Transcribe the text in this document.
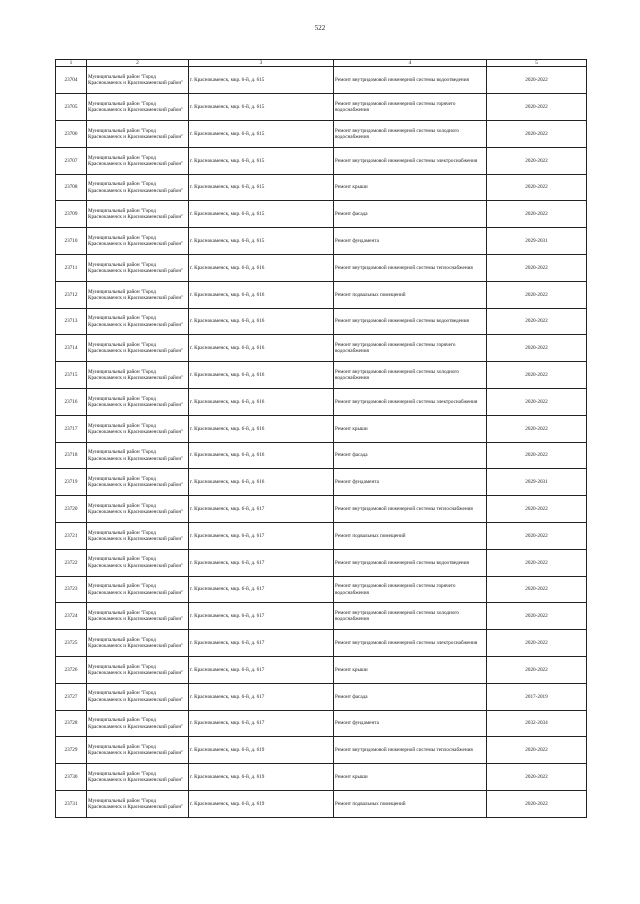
522
1	2	3	4	5
23704	Муниципальный район "Город Краснокаменск и Краснокаменский район"	г. Краснокаменск, мкр. 6-й, д. 615	Ремонт внутридомовой инженерной системы водоотведения	2020-2022
23705	Муниципальный район "Город Краснокаменск и Краснокаменский район"	г. Краснокаменск, мкр. 6-й, д. 615	Ремонт внутридомовой инженерной системы горячего водоснабжения	2020-2022
23706	Муниципальный район "Город Краснокаменск и Краснокаменский район"	г. Краснокаменск, мкр. 6-й, д. 615	Ремонт внутридомовой инженерной системы холодного водоснабжения	2020-2022
23707	Муниципальный район "Город Краснокаменск и Краснокаменский район"	г. Краснокаменск, мкр. 6-й, д. 615	Ремонт внутридомовой инженерной системы электроснабжения	2020-2022
23708	Муниципальный район "Город Краснокаменск и Краснокаменский район"	г. Краснокаменск, мкр. 6-й, д. 615	Ремонт крыши	2020-2022
23709	Муниципальный район "Город Краснокаменск и Краснокаменский район"	г. Краснокаменск, мкр. 6-й, д. 615	Ремонт фасада	2020-2022
23710	Муниципальный район "Город Краснокаменск и Краснокаменский район"	г. Краснокаменск, мкр. 6-й, д. 615	Ремонт фундамента	2029-2031
23711	Муниципальный район "Город Краснокаменск и Краснокаменский район"	г. Краснокаменск, мкр. 6-й, д. 616	Ремонт внутридомовой инженерной системы теплоснабжения	2020-2022
23712	Муниципальный район "Город Краснокаменск и Краснокаменский район"	г. Краснокаменск, мкр. 6-й, д. 616	Ремонт подвальных помещений	2020-2022
23713	Муниципальный район "Город Краснокаменск и Краснокаменский район"	г. Краснокаменск, мкр. 6-й, д. 616	Ремонт внутридомовой инженерной системы водоотведения	2020-2022
23714	Муниципальный район "Город Краснокаменск и Краснокаменский район"	г. Краснокаменск, мкр. 6-й, д. 616	Ремонт внутридомовой инженерной системы горячего водоснабжения	2020-2022
23715	Муниципальный район "Город Краснокаменск и Краснокаменский район"	г. Краснокаменск, мкр. 6-й, д. 616	Ремонт внутридомовой инженерной системы холодного водоснабжения	2020-2022
23716	Муниципальный район "Город Краснокаменск и Краснокаменский район"	г. Краснокаменск, мкр. 6-й, д. 616	Ремонт внутридомовой инженерной системы электроснабжения	2020-2022
23717	Муниципальный район "Город Краснокаменск и Краснокаменский район"	г. Краснокаменск, мкр. 6-й, д. 616	Ремонт крыши	2020-2022
23718	Муниципальный район "Город Краснокаменск и Краснокаменский район"	г. Краснокаменск, мкр. 6-й, д. 616	Ремонт фасада	2020-2022
23719	Муниципальный район "Город Краснокаменск и Краснокаменский район"	г. Краснокаменск, мкр. 6-й, д. 616	Ремонт фундамента	2029-2031
23720	Муниципальный район "Город Краснокаменск и Краснокаменский район"	г. Краснокаменск, мкр. 6-й, д. 617	Ремонт внутридомовой инженерной системы теплоснабжения	2020-2022
23721	Муниципальный район "Город Краснокаменск и Краснокаменский район"	г. Краснокаменск, мкр. 6-й, д. 617	Ремонт подвальных помещений	2020-2022
23722	Муниципальный район "Город Краснокаменск и Краснокаменский район"	г. Краснокаменск, мкр. 6-й, д. 617	Ремонт внутридомовой инженерной системы водоотведения	2020-2022
23723	Муниципальный район "Город Краснокаменск и Краснокаменский район"	г. Краснокаменск, мкр. 6-й, д. 617	Ремонт внутридомовой инженерной системы горячего водоснабжения	2020-2022
23724	Муниципальный район "Город Краснокаменск и Краснокаменский район"	г. Краснокаменск, мкр. 6-й, д. 617	Ремонт внутридомовой инженерной системы холодного водоснабжения	2020-2022
23725	Муниципальный район "Город Краснокаменск и Краснокаменский район"	г. Краснокаменск, мкр. 6-й, д. 617	Ремонт внутридомовой инженерной системы электроснабжения	2020-2022
23726	Муниципальный район "Город Краснокаменск и Краснокаменский район"	г. Краснокаменск, мкр. 6-й, д. 617	Ремонт крыши	2020-2022
23727	Муниципальный район "Город Краснокаменск и Краснокаменский район"	г. Краснокаменск, мкр. 6-й, д. 617	Ремонт фасада	2017-2019
23728	Муниципальный район "Город Краснокаменск и Краснокаменский район"	г. Краснокаменск, мкр. 6-й, д. 617	Ремонт фундамента	2032-2034
23729	Муниципальный район "Город Краснокаменск и Краснокаменский район"	г. Краснокаменск, мкр. 6-й, д. 619	Ремонт внутридомовой инженерной системы теплоснабжения	2020-2022
23730	Муниципальный район "Город Краснокаменск и Краснокаменский район"	г. Краснокаменск, мкр. 6-й, д. 619	Ремонт крыши	2020-2022
23731	Муниципальный район "Город Краснокаменск и Краснокаменский район"	г. Краснокаменск, мкр. 6-й, д. 619	Ремонт подвальных помещений	2020-2022
